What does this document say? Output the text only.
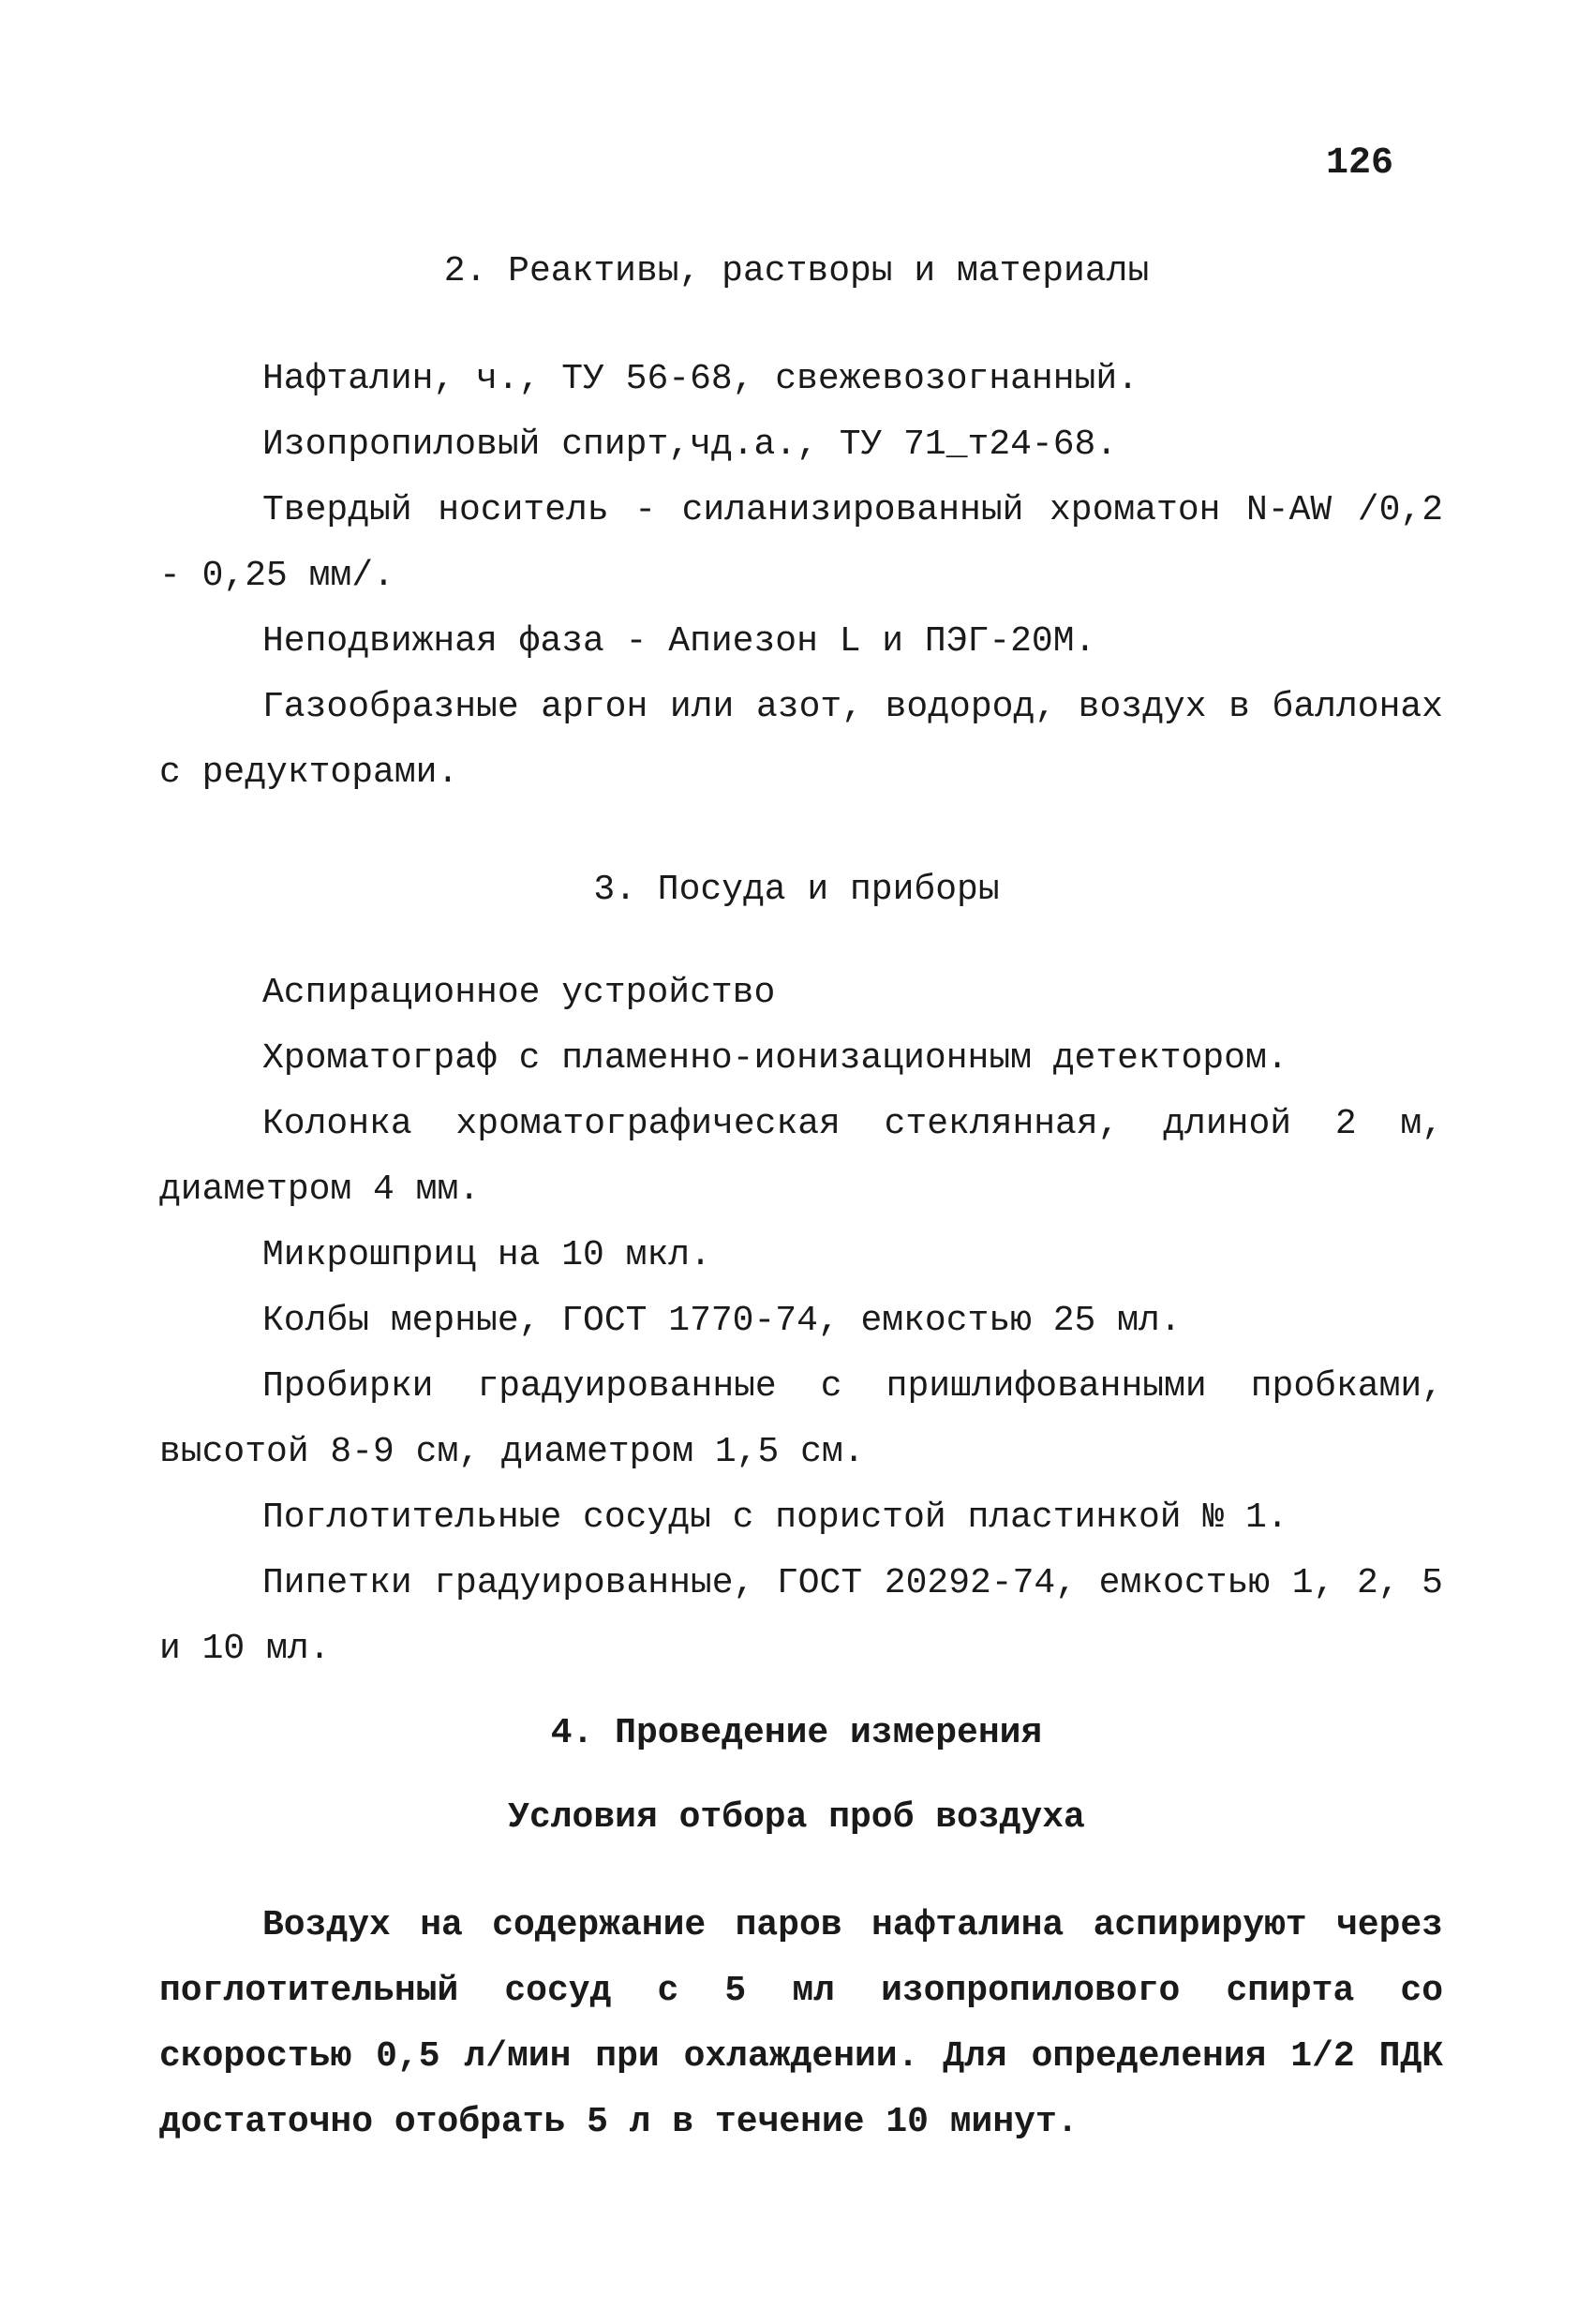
126
2. Реактивы, растворы и материалы

Нафталин, ч., ТУ 56-68, свежевозогнанный.

Изопропиловый спирт,чд.а., ТУ 71_т24-68.

Твердый носитель - силанизированный хроматон N-AW /0,2 - 0,25 мм/.

Неподвижная фаза - Апиезон L и ПЭГ-20М.

Газообразные аргон или азот, водород, воздух в баллонах с редукторами.

3. Посуда и приборы

Аспирационное устройство

Хроматограф с пламенно-ионизационным детектором.

Колонка хроматографическая стеклянная, длиной 2 м, диаметром 4 мм.

Микрошприц на 10 мкл.

Колбы мерные, ГОСТ 1770-74, емкостью 25 мл.

Пробирки градуированные с пришлифованными пробками, высотой 8-9 см, диаметром 1,5 см.

Поглотительные сосуды с пористой пластинкой № 1.

Пипетки градуированные, ГОСТ 20292-74, емкостью 1, 2, 5 и 10 мл.

4. Проведение измерения
Условия отбора проб воздуха

Воздух на содержание паров нафталина аспирируют через поглотительный сосуд с 5 мл изопропилового спирта со скоростью 0,5 л/мин при охлаждении. Для определения 1/2 ПДК достаточно отобрать 5 л в течение 10 минут.
